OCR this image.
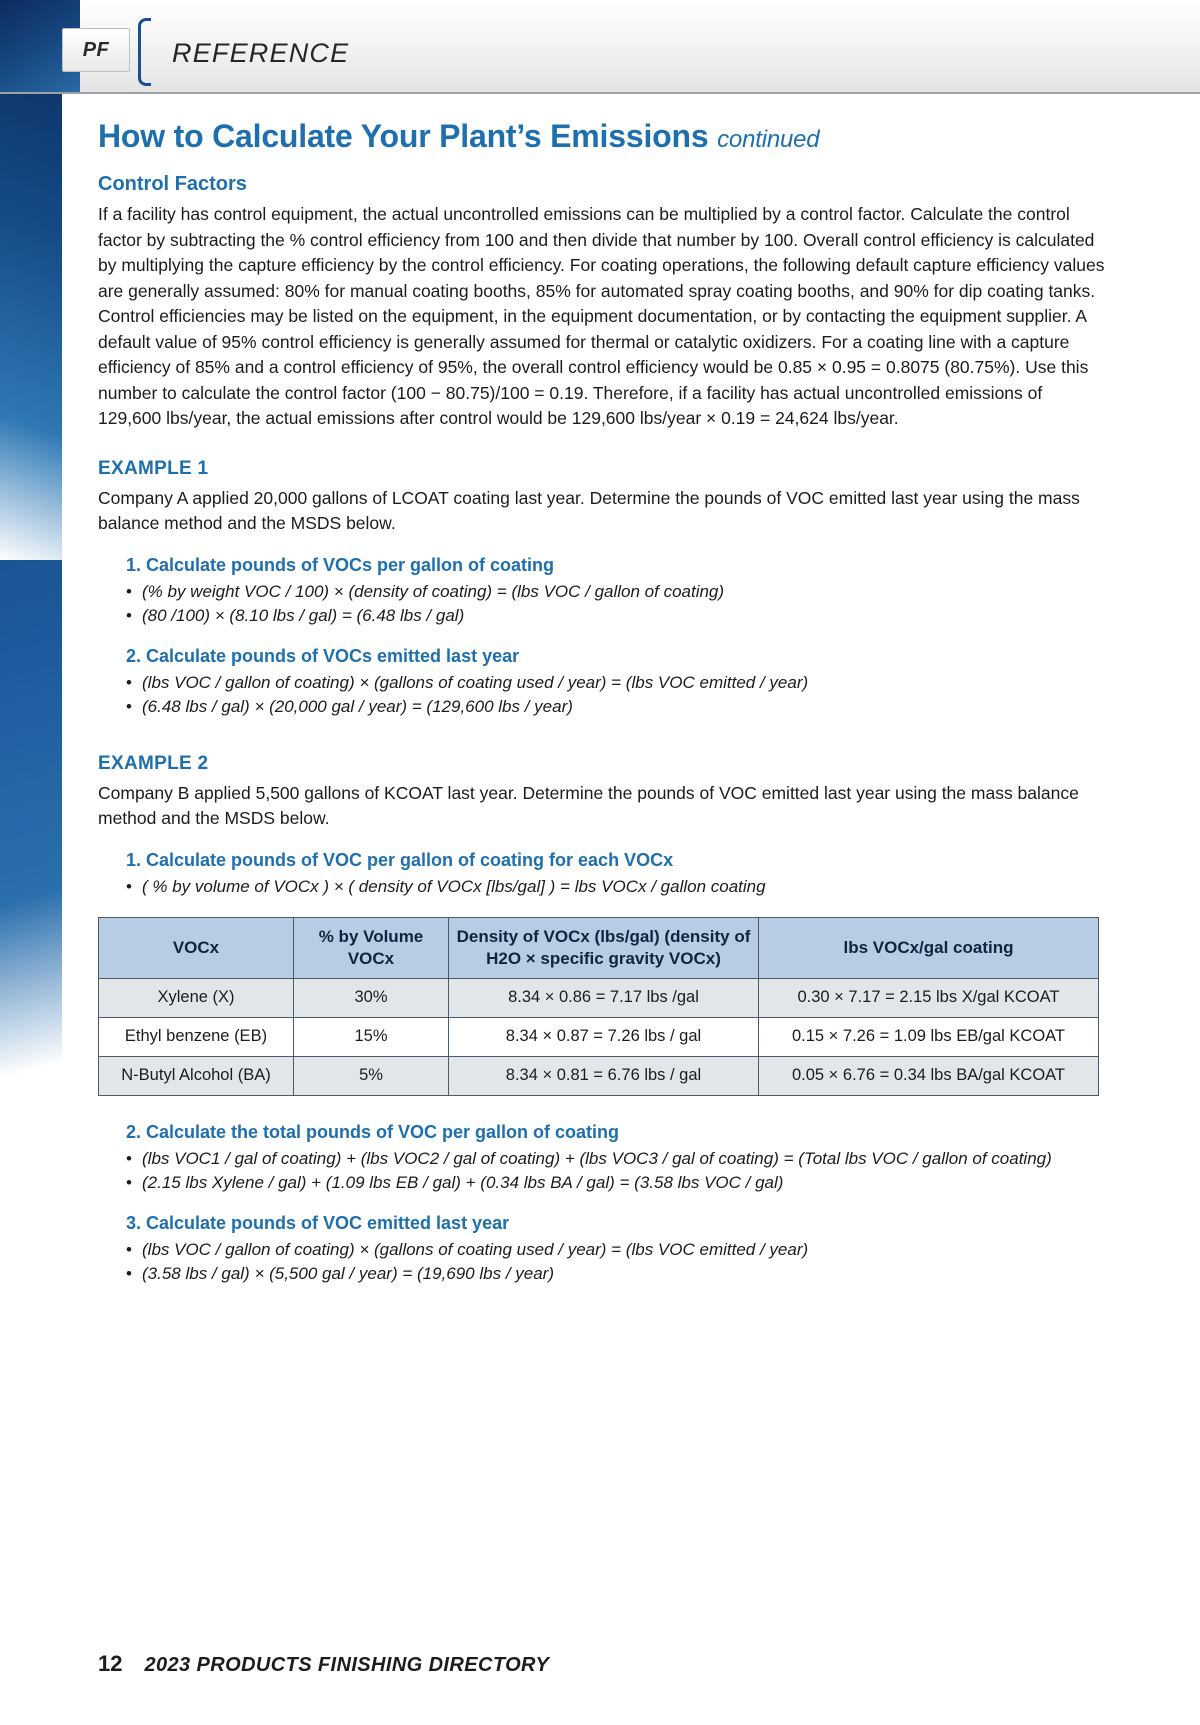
PF REFERENCE
How to Calculate Your Plant’s Emissions continued
Control Factors

If a facility has control equipment, the actual uncontrolled emissions can be multiplied by a control factor. Calculate the control factor by subtracting the % control efficiency from 100 and then divide that number by 100. Overall control efficiency is calculated by multiplying the capture efficiency by the control efficiency. For coating operations, the following default capture efficiency values are generally assumed: 80% for manual coating booths, 85% for automated spray coating booths, and 90% for dip coating tanks. Control efficiencies may be listed on the equipment, in the equipment documentation, or by contacting the equipment supplier. A default value of 95% control efficiency is generally assumed for thermal or catalytic oxidizers. For a coating line with a capture efficiency of 85% and a control efficiency of 95%, the overall control efficiency would be 0.85 × 0.95 = 0.8075 (80.75%). Use this number to calculate the control factor (100 − 80.75)/100 = 0.19. Therefore, if a facility has actual uncontrolled emissions of 129,600 lbs/year, the actual emissions after control would be 129,600 lbs/year × 0.19 = 24,624 lbs/year.

EXAMPLE 1

Company A applied 20,000 gallons of LCOAT coating last year. Determine the pounds of VOC emitted last year using the mass balance method and the MSDS below.

1. Calculate pounds of VOCs per gallon of coating
• (% by weight VOC / 100) × (density of coating) = (lbs VOC / gallon of coating)
• (80 /100) × (8.10 lbs / gal) = (6.48 lbs / gal)
2. Calculate pounds of VOCs emitted last year
• (lbs VOC / gallon of coating) × (gallons of coating used / year) = (lbs VOC emitted / year)
• (6.48 lbs / gal) × (20,000 gal / year) = (129,600 lbs / year)
EXAMPLE 2

Company B applied 5,500 gallons of KCOAT last year. Determine the pounds of VOC emitted last year using the mass balance method and the MSDS below.

1. Calculate pounds of VOC per gallon of coating for each VOCx
• ( % by volume of VOCx ) × ( density of VOCx [lbs/gal] ) = lbs VOCx / gallon coating
VOCx	% by Volume VOCx	Density of VOCx (lbs/gal) (density of H2O × specific gravity VOCx)	lbs VOCx/gal coating
Xylene (X)	30%	8.34 × 0.86 = 7.17 lbs /gal	0.30 × 7.17 = 2.15 lbs X/gal KCOAT
Ethyl benzene (EB)	15%	8.34 × 0.87 = 7.26 lbs / gal	0.15 × 7.26 = 1.09 lbs EB/gal KCOAT
N-Butyl Alcohol (BA)	5%	8.34 × 0.81 = 6.76 lbs / gal	0.05 × 6.76 = 0.34 lbs BA/gal KCOAT
2. Calculate the total pounds of VOC per gallon of coating
• (lbs VOC1 / gal of coating) + (lbs VOC2 / gal of coating) + (lbs VOC3 / gal of coating) = (Total lbs VOC / gallon of coating)
• (2.15 lbs Xylene / gal) + (1.09 lbs EB / gal) + (0.34 lbs BA / gal) = (3.58 lbs VOC / gal)
3. Calculate pounds of VOC emitted last year
• (lbs VOC / gallon of coating) × (gallons of coating used / year) = (lbs VOC emitted / year)
• (3.58 lbs / gal) × (5,500 gal / year) = (19,690 lbs / year)
12 2023 PRODUCTS FINISHING DIRECTORY
